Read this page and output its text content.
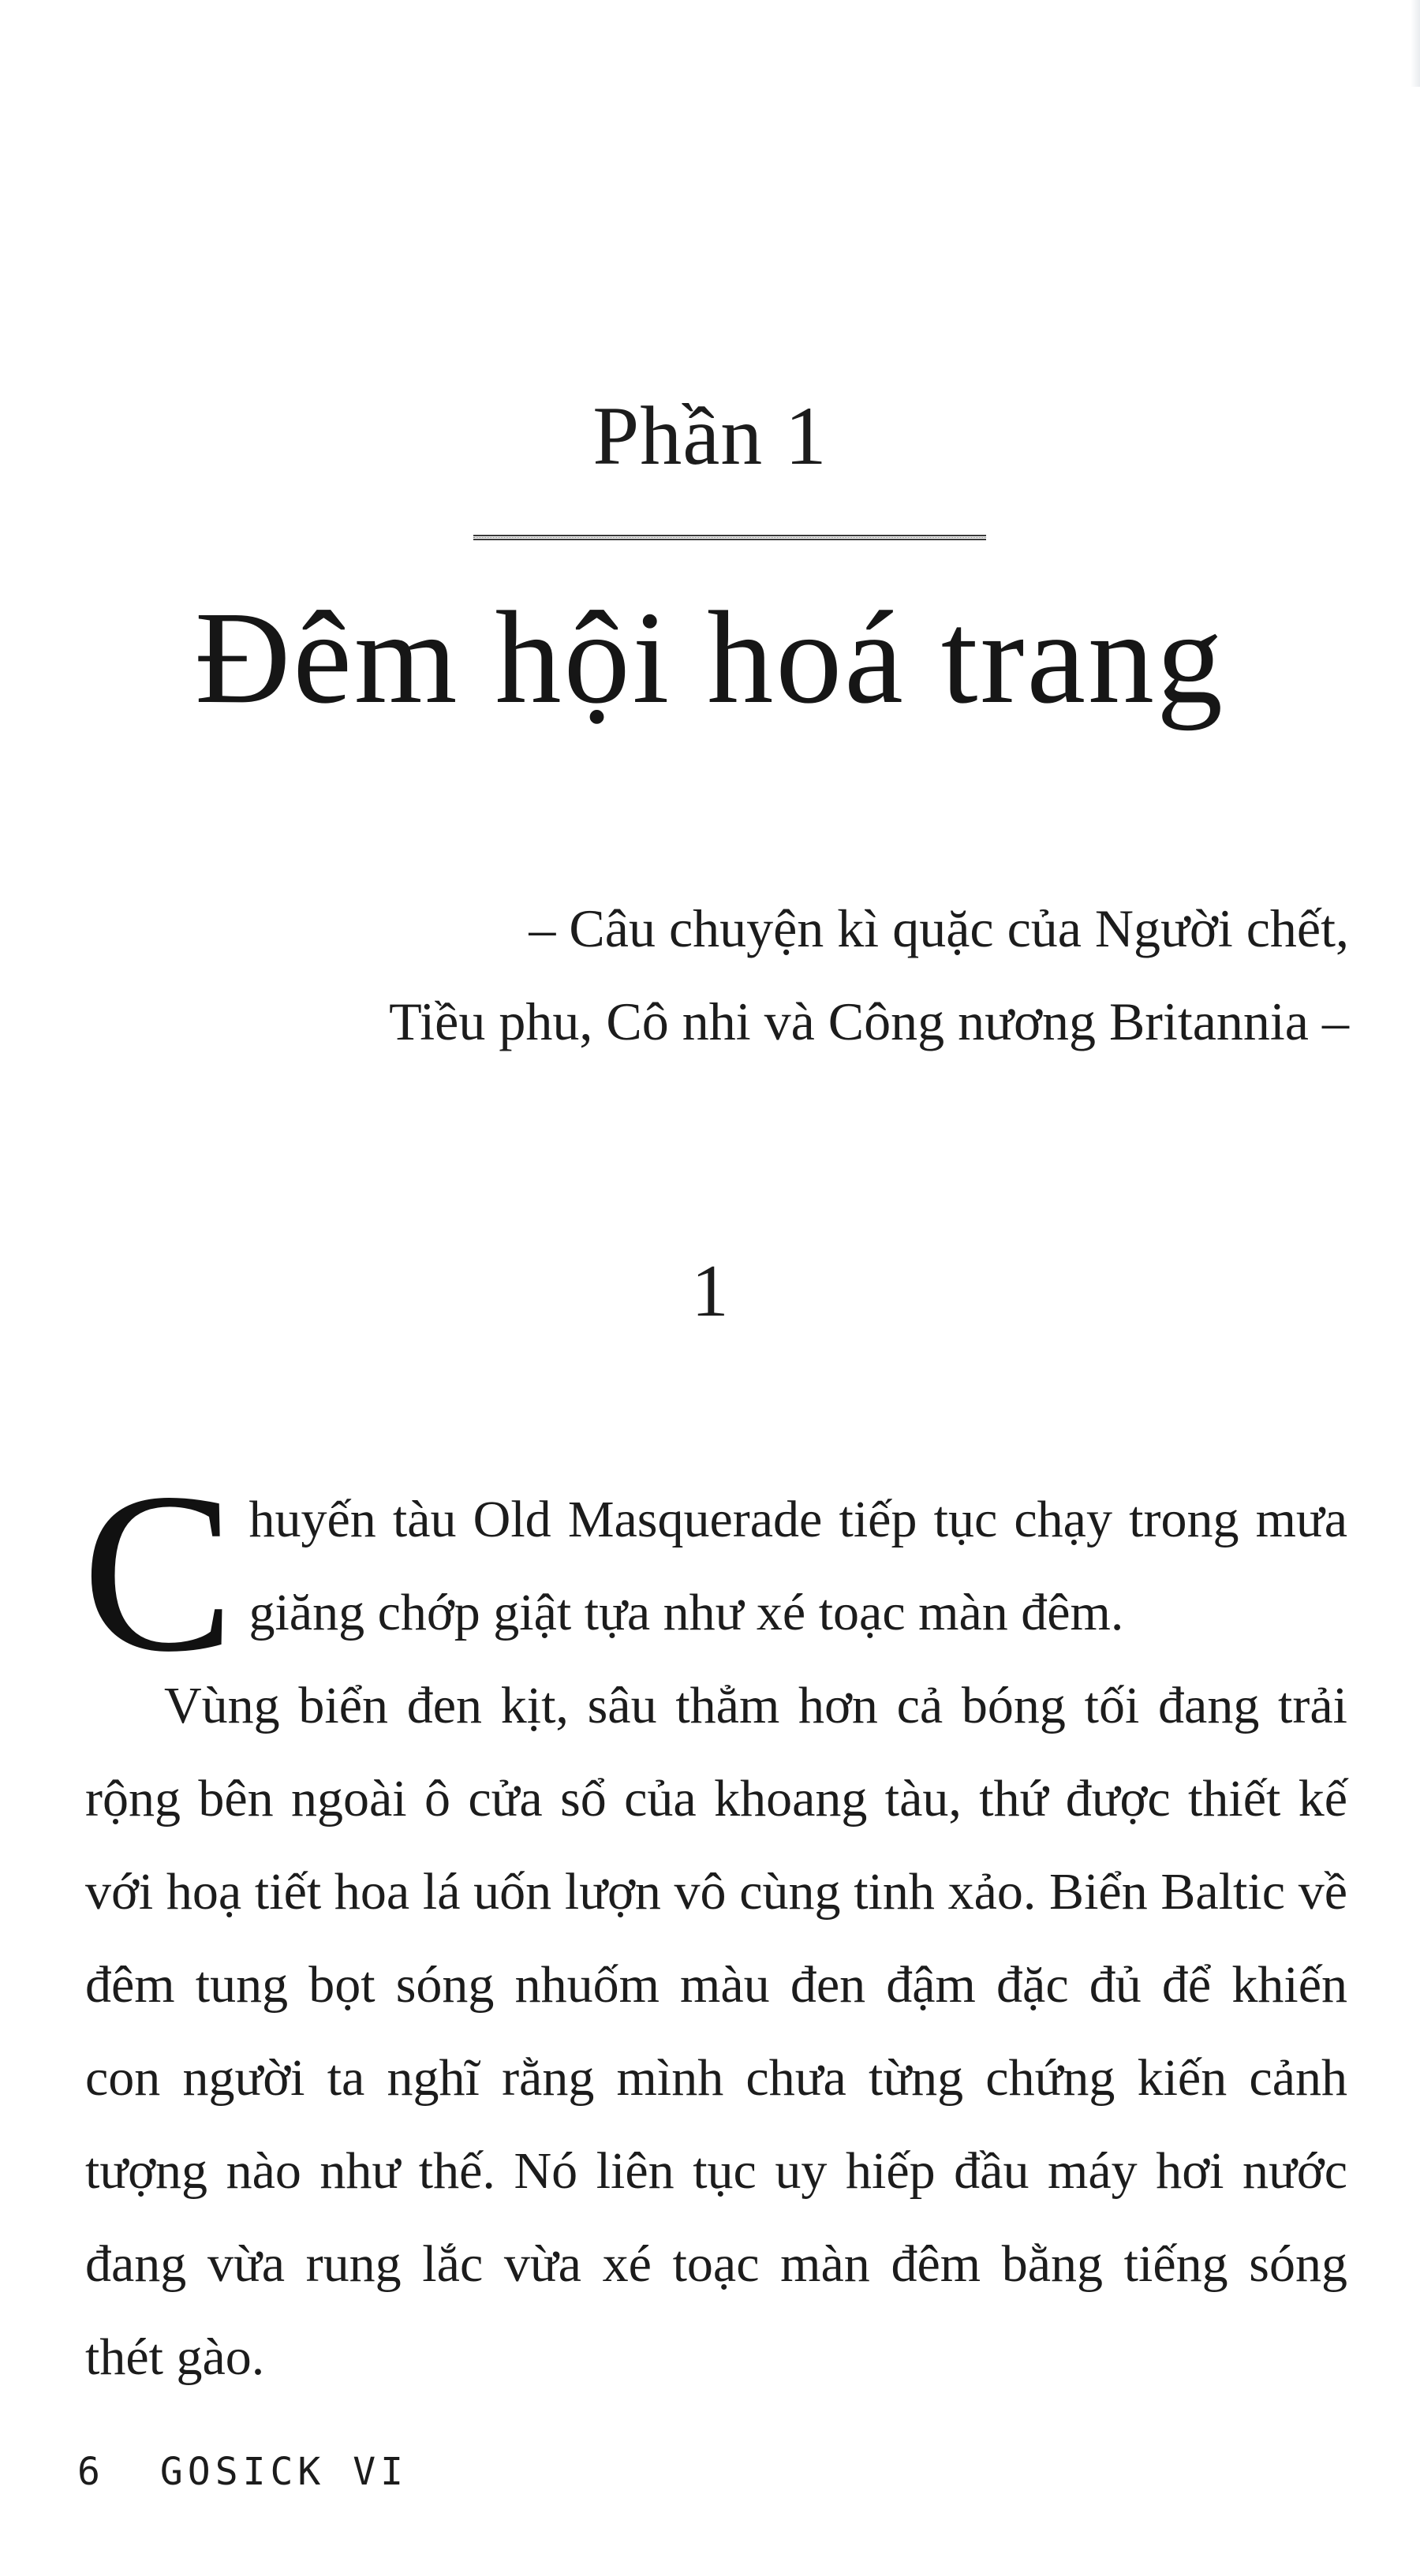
Phần 1
Đêm hội hoá trang
– Câu chuyện kì quặc của Người chết,
Tiều phu, Cô nhi và Công nương Britannia –
1

Chuyến tàu Old Masquerade tiếp tục chạy trong mưa giăng chớp giật tựa như xé toạc màn đêm.

Vùng biển đen kịt, sâu thẳm hơn cả bóng tối đang trải rộng bên ngoài ô cửa sổ của khoang tàu, thứ được thiết kế với hoạ tiết hoa lá uốn lượn vô cùng tinh xảo. Biển Baltic về đêm tung bọt sóng nhuốm màu đen đậm đặc đủ để khiến con người ta nghĩ rằng mình chưa từng chứng kiến cảnh tượng nào như thế. Nó liên tục uy hiếp đầu máy hơi nước đang vừa rung lắc vừa xé toạc màn đêm bằng tiếng sóng thét gào.

6 GOSICK VI
